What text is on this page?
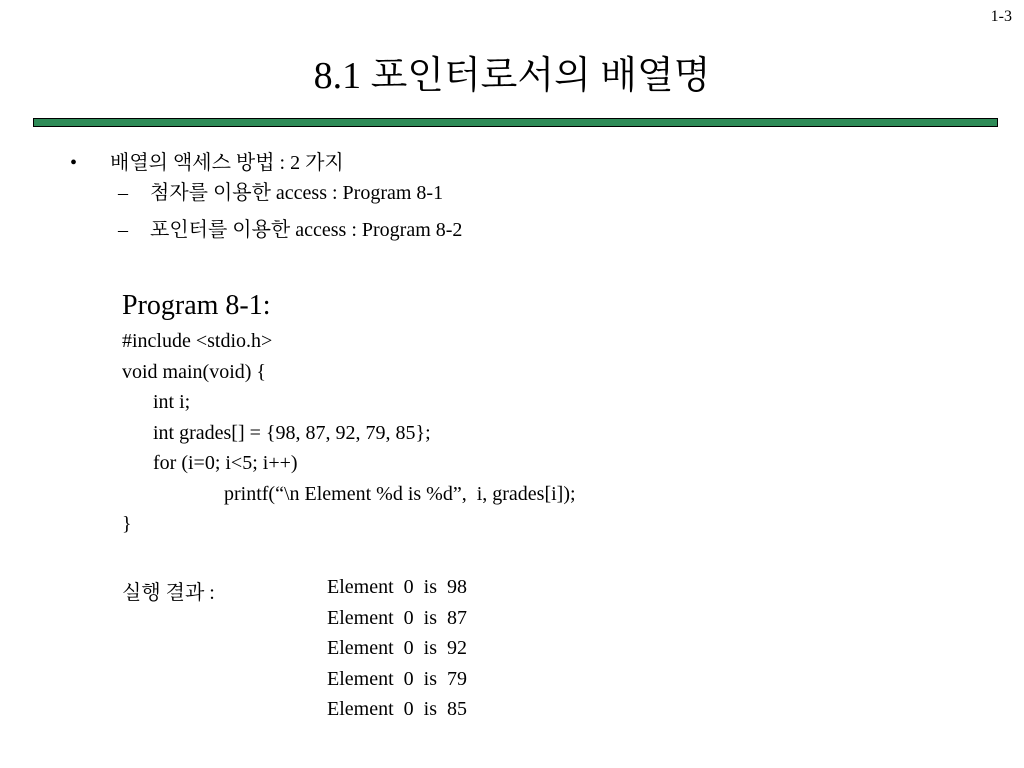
1-3
8.1 포인터로서의 배열명
•	배열의 액세스 방법 : 2 가지
–	첨자를 이용한 access : Program 8-1
–	포인터를 이용한 access : Program 8-2
Program 8-1:
#include <stdio.h>
void main(void) {
int i;
int grades[] = {98, 87, 92, 79, 85};
for (i=0; i<5; i++)
printf(“\n Element %d is %d”,  i, grades[i]);
}
실행 결과 :	Element  0  is  98
Element  0  is  87
Element  0  is  92
Element  0  is  79
Element  0  is  85
